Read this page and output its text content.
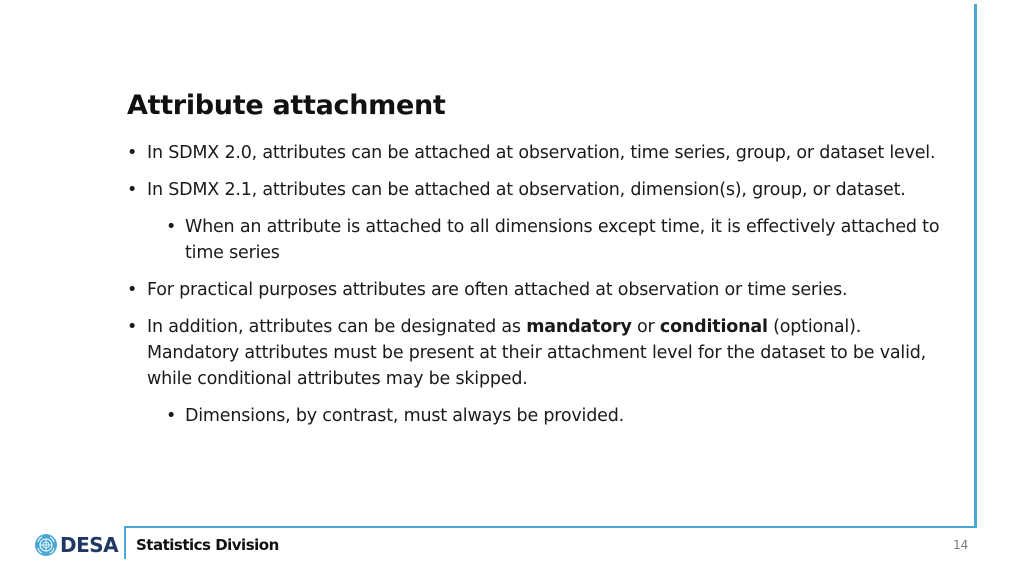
Attribute attachment
• In SDMX 2.0, attributes can be attached at observation, time series, group, or dataset level.
• In SDMX 2.1, attributes can be attached at observation, dimension(s), group, or dataset.
• When an attribute is attached to all dimensions except time, it is effectively attached to time series
• For practical purposes attributes are often attached at observation or time series.
• In addition, attributes can be designated as mandatory or conditional (optional). Mandatory attributes must be present at their attachment level for the dataset to be valid, while conditional attributes may be skipped.
• Dimensions, by contrast, must always be provided.
DESA Statistics Division	14
